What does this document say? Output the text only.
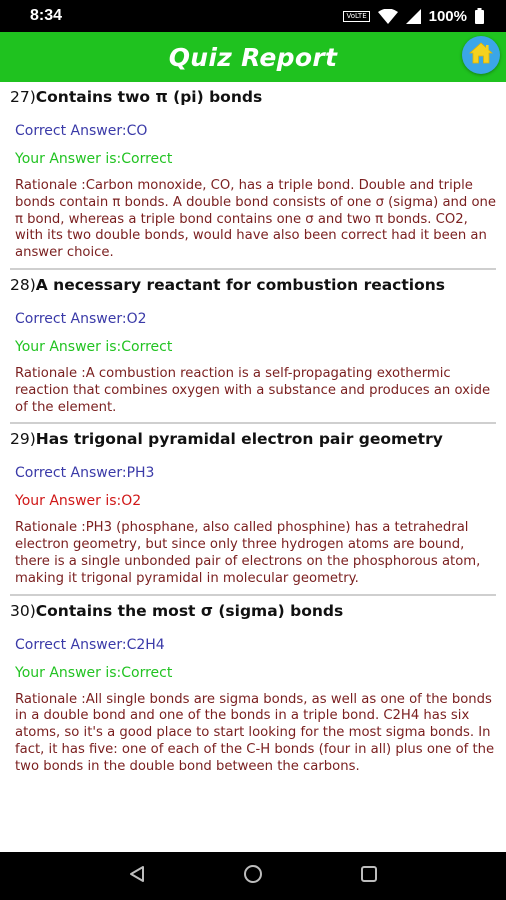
8:34	VoLTE	100%
Quiz Report
27)Contains two π (pi) bonds
Correct Answer:CO
Your Answer is:Correct
Rationale :Carbon monoxide, CO, has a triple bond. Double and triple bonds contain π bonds. A double bond consists of one σ (sigma) and one π bond, whereas a triple bond contains one σ and two π bonds. CO2, with its two double bonds, would have also been correct had it been an answer choice.
28)A necessary reactant for combustion reactions
Correct Answer:O2
Your Answer is:Correct
Rationale :A combustion reaction is a self-propagating exothermic reaction that combines oxygen with a substance and produces an oxide of the element.
29)Has trigonal pyramidal electron pair geometry
Correct Answer:PH3
Your Answer is:O2
Rationale :PH3 (phosphane, also called phosphine) has a tetrahedral electron geometry, but since only three hydrogen atoms are bound, there is a single unbonded pair of electrons on the phosphorous atom, making it trigonal pyramidal in molecular geometry.
30)Contains the most σ (sigma) bonds
Correct Answer:C2H4
Your Answer is:Correct
Rationale :All single bonds are sigma bonds, as well as one of the bonds in a double bond and one of the bonds in a triple bond. C2H4 has six atoms, so it's a good place to start looking for the most sigma bonds. In fact, it has five: one of each of the C-H bonds (four in all) plus one of the two bonds in the double bond between the carbons.
